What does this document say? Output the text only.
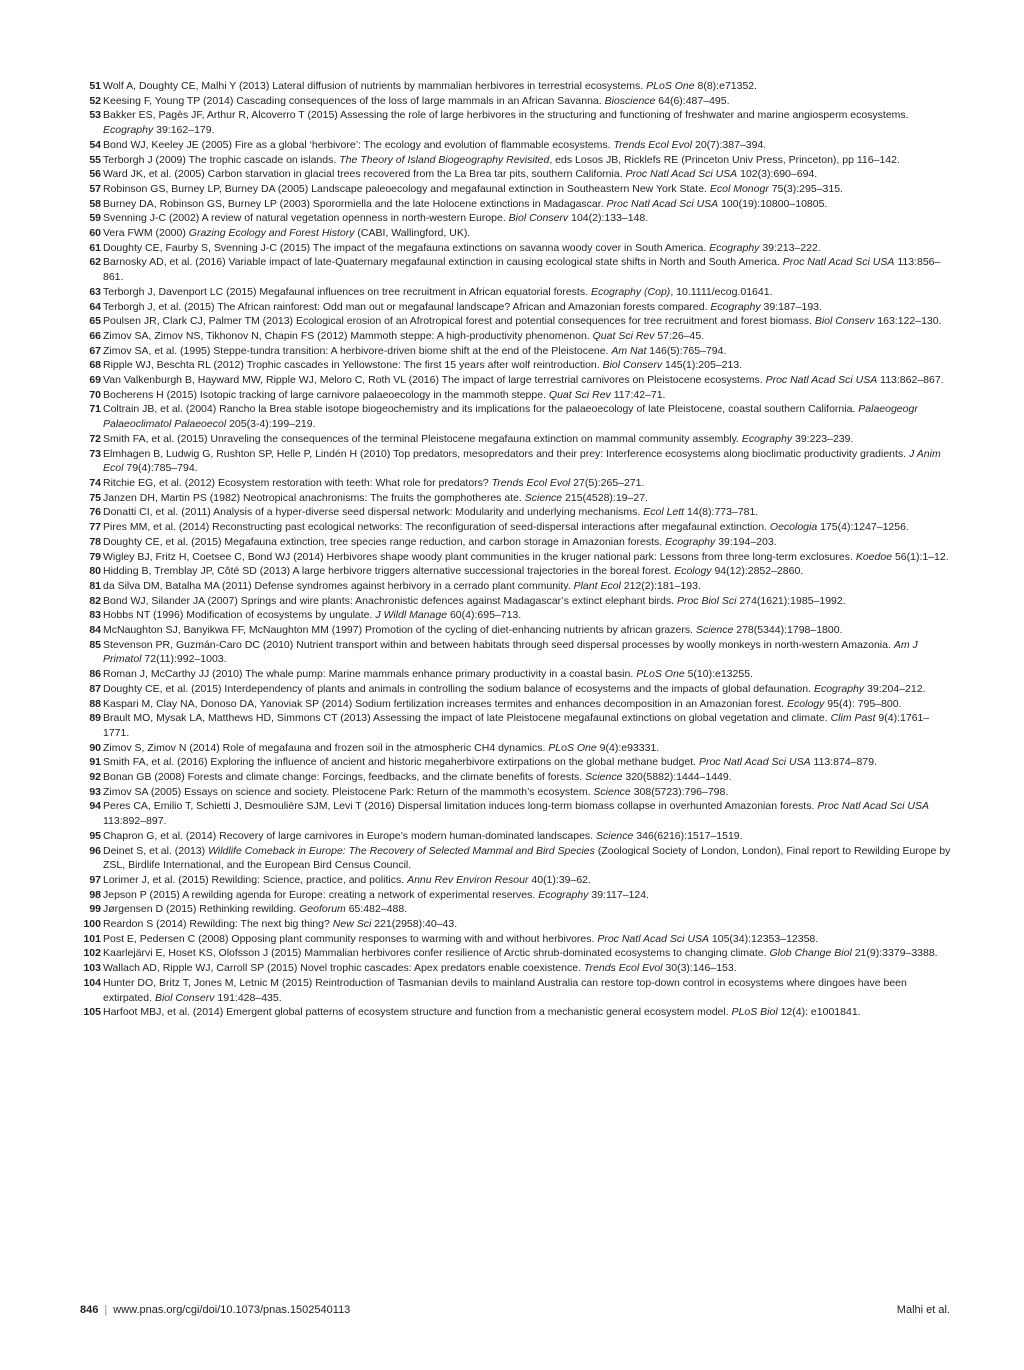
51 Wolf A, Doughty CE, Malhi Y (2013) Lateral diffusion of nutrients by mammalian herbivores in terrestrial ecosystems. PLoS One 8(8):e71352.
52 Keesing F, Young TP (2014) Cascading consequences of the loss of large mammals in an African Savanna. Bioscience 64(6):487–495.
53 Bakker ES, Pagès JF, Arthur R, Alcoverro T (2015) Assessing the role of large herbivores in the structuring and functioning of freshwater and marine angiosperm ecosystems. Ecography 39:162–179.
54 Bond WJ, Keeley JE (2005) Fire as a global ‘herbivore’: The ecology and evolution of flammable ecosystems. Trends Ecol Evol 20(7):387–394.
55 Terborgh J (2009) The trophic cascade on islands. The Theory of Island Biogeography Revisited, eds Losos JB, Ricklefs RE (Princeton Univ Press, Princeton), pp 116–142.
56 Ward JK, et al. (2005) Carbon starvation in glacial trees recovered from the La Brea tar pits, southern California. Proc Natl Acad Sci USA 102(3):690–694.
57 Robinson GS, Burney LP, Burney DA (2005) Landscape paleoecology and megafaunal extinction in Southeastern New York State. Ecol Monogr 75(3):295–315.
58 Burney DA, Robinson GS, Burney LP (2003) Sporormiella and the late Holocene extinctions in Madagascar. Proc Natl Acad Sci USA 100(19):10800–10805.
59 Svenning J-C (2002) A review of natural vegetation openness in north-western Europe. Biol Conserv 104(2):133–148.
60 Vera FWM (2000) Grazing Ecology and Forest History (CABI, Wallingford, UK).
61 Doughty CE, Faurby S, Svenning J-C (2015) The impact of the megafauna extinctions on savanna woody cover in South America. Ecography 39:213–222.
62 Barnosky AD, et al. (2016) Variable impact of late-Quaternary megafaunal extinction in causing ecological state shifts in North and South America. Proc Natl Acad Sci USA 113:856–861.
63 Terborgh J, Davenport LC (2015) Megafaunal influences on tree recruitment in African equatorial forests. Ecography (Cop), 10.1111/ecog.01641.
64 Terborgh J, et al. (2015) The African rainforest: Odd man out or megafaunal landscape? African and Amazonian forests compared. Ecography 39:187–193.
65 Poulsen JR, Clark CJ, Palmer TM (2013) Ecological erosion of an Afrotropical forest and potential consequences for tree recruitment and forest biomass. Biol Conserv 163:122–130.
66 Zimov SA, Zimov NS, Tikhonov N, Chapin FS (2012) Mammoth steppe: A high-productivity phenomenon. Quat Sci Rev 57:26–45.
67 Zimov SA, et al. (1995) Steppe-tundra transition: A herbivore-driven biome shift at the end of the Pleistocene. Am Nat 146(5):765–794.
68 Ripple WJ, Beschta RL (2012) Trophic cascades in Yellowstone: The first 15 years after wolf reintroduction. Biol Conserv 145(1):205–213.
69 Van Valkenburgh B, Hayward MW, Ripple WJ, Meloro C, Roth VL (2016) The impact of large terrestrial carnivores on Pleistocene ecosystems. Proc Natl Acad Sci USA 113:862–867.
70 Bocherens H (2015) Isotopic tracking of large carnivore palaeoecology in the mammoth steppe. Quat Sci Rev 117:42–71.
71 Coltrain JB, et al. (2004) Rancho la Brea stable isotope biogeochemistry and its implications for the palaeoecology of late Pleistocene, coastal southern California. Palaeogeogr Palaeoclimatol Palaeoecol 205(3-4):199–219.
72 Smith FA, et al. (2015) Unraveling the consequences of the terminal Pleistocene megafauna extinction on mammal community assembly. Ecography 39:223–239.
73 Elmhagen B, Ludwig G, Rushton SP, Helle P, Lindén H (2010) Top predators, mesopredators and their prey: Interference ecosystems along bioclimatic productivity gradients. J Anim Ecol 79(4):785–794.
74 Ritchie EG, et al. (2012) Ecosystem restoration with teeth: What role for predators? Trends Ecol Evol 27(5):265–271.
75 Janzen DH, Martin PS (1982) Neotropical anachronisms: The fruits the gomphotheres ate. Science 215(4528):19–27.
76 Donatti CI, et al. (2011) Analysis of a hyper-diverse seed dispersal network: Modularity and underlying mechanisms. Ecol Lett 14(8):773–781.
77 Pires MM, et al. (2014) Reconstructing past ecological networks: The reconfiguration of seed-dispersal interactions after megafaunal extinction. Oecologia 175(4):1247–1256.
78 Doughty CE, et al. (2015) Megafauna extinction, tree species range reduction, and carbon storage in Amazonian forests. Ecography 39:194–203.
79 Wigley BJ, Fritz H, Coetsee C, Bond WJ (2014) Herbivores shape woody plant communities in the kruger national park: Lessons from three long-term exclosures. Koedoe 56(1):1–12.
80 Hidding B, Tremblay JP, Côté SD (2013) A large herbivore triggers alternative successional trajectories in the boreal forest. Ecology 94(12):2852–2860.
81 da Silva DM, Batalha MA (2011) Defense syndromes against herbivory in a cerrado plant community. Plant Ecol 212(2):181–193.
82 Bond WJ, Silander JA (2007) Springs and wire plants: Anachronistic defences against Madagascar’s extinct elephant birds. Proc Biol Sci 274(1621):1985–1992.
83 Hobbs NT (1996) Modification of ecosystems by ungulate. J Wildl Manage 60(4):695–713.
84 McNaughton SJ, Banyikwa FF, McNaughton MM (1997) Promotion of the cycling of diet-enhancing nutrients by african grazers. Science 278(5344):1798–1800.
85 Stevenson PR, Guzmán-Caro DC (2010) Nutrient transport within and between habitats through seed dispersal processes by woolly monkeys in north-western Amazonia. Am J Primatol 72(11):992–1003.
86 Roman J, McCarthy JJ (2010) The whale pump: Marine mammals enhance primary productivity in a coastal basin. PLoS One 5(10):e13255.
87 Doughty CE, et al. (2015) Interdependency of plants and animals in controlling the sodium balance of ecosystems and the impacts of global defaunation. Ecography 39:204–212.
88 Kaspari M, Clay NA, Donoso DA, Yanoviak SP (2014) Sodium fertilization increases termites and enhances decomposition in an Amazonian forest. Ecology 95(4): 795–800.
89 Brault MO, Mysak LA, Matthews HD, Simmons CT (2013) Assessing the impact of late Pleistocene megafaunal extinctions on global vegetation and climate. Clim Past 9(4):1761–1771.
90 Zimov S, Zimov N (2014) Role of megafauna and frozen soil in the atmospheric CH4 dynamics. PLoS One 9(4):e93331.
91 Smith FA, et al. (2016) Exploring the influence of ancient and historic megaherbivore extirpations on the global methane budget. Proc Natl Acad Sci USA 113:874–879.
92 Bonan GB (2008) Forests and climate change: Forcings, feedbacks, and the climate benefits of forests. Science 320(5882):1444–1449.
93 Zimov SA (2005) Essays on science and society. Pleistocene Park: Return of the mammoth’s ecosystem. Science 308(5723):796–798.
94 Peres CA, Emilio T, Schietti J, Desmoulière SJM, Levi T (2016) Dispersal limitation induces long-term biomass collapse in overhunted Amazonian forests. Proc Natl Acad Sci USA 113:892–897.
95 Chapron G, et al. (2014) Recovery of large carnivores in Europe’s modern human-dominated landscapes. Science 346(6216):1517–1519.
96 Deinet S, et al. (2013) Wildlife Comeback in Europe: The Recovery of Selected Mammal and Bird Species (Zoological Society of London, London), Final report to Rewilding Europe by ZSL, Birdlife International, and the European Bird Census Council.
97 Lorimer J, et al. (2015) Rewilding: Science, practice, and politics. Annu Rev Environ Resour 40(1):39–62.
98 Jepson P (2015) A rewilding agenda for Europe: creating a network of experimental reserves. Ecography 39:117–124.
99 Jørgensen D (2015) Rethinking rewilding. Geoforum 65:482–488.
100 Reardon S (2014) Rewilding: The next big thing? New Sci 221(2958):40–43.
101 Post E, Pedersen C (2008) Opposing plant community responses to warming with and without herbivores. Proc Natl Acad Sci USA 105(34):12353–12358.
102 Kaarlejärvi E, Hoset KS, Olofsson J (2015) Mammalian herbivores confer resilience of Arctic shrub-dominated ecosystems to changing climate. Glob Change Biol 21(9):3379–3388.
103 Wallach AD, Ripple WJ, Carroll SP (2015) Novel trophic cascades: Apex predators enable coexistence. Trends Ecol Evol 30(3):146–153.
104 Hunter DO, Britz T, Jones M, Letnic M (2015) Reintroduction of Tasmanian devils to mainland Australia can restore top-down control in ecosystems where dingoes have been extirpated. Biol Conserv 191:428–435.
105 Harfoot MBJ, et al. (2014) Emergent global patterns of ecosystem structure and function from a mechanistic general ecosystem model. PLoS Biol 12(4): e1001841.
846 | www.pnas.org/cgi/doi/10.1073/pnas.1502540113	Malhi et al.
